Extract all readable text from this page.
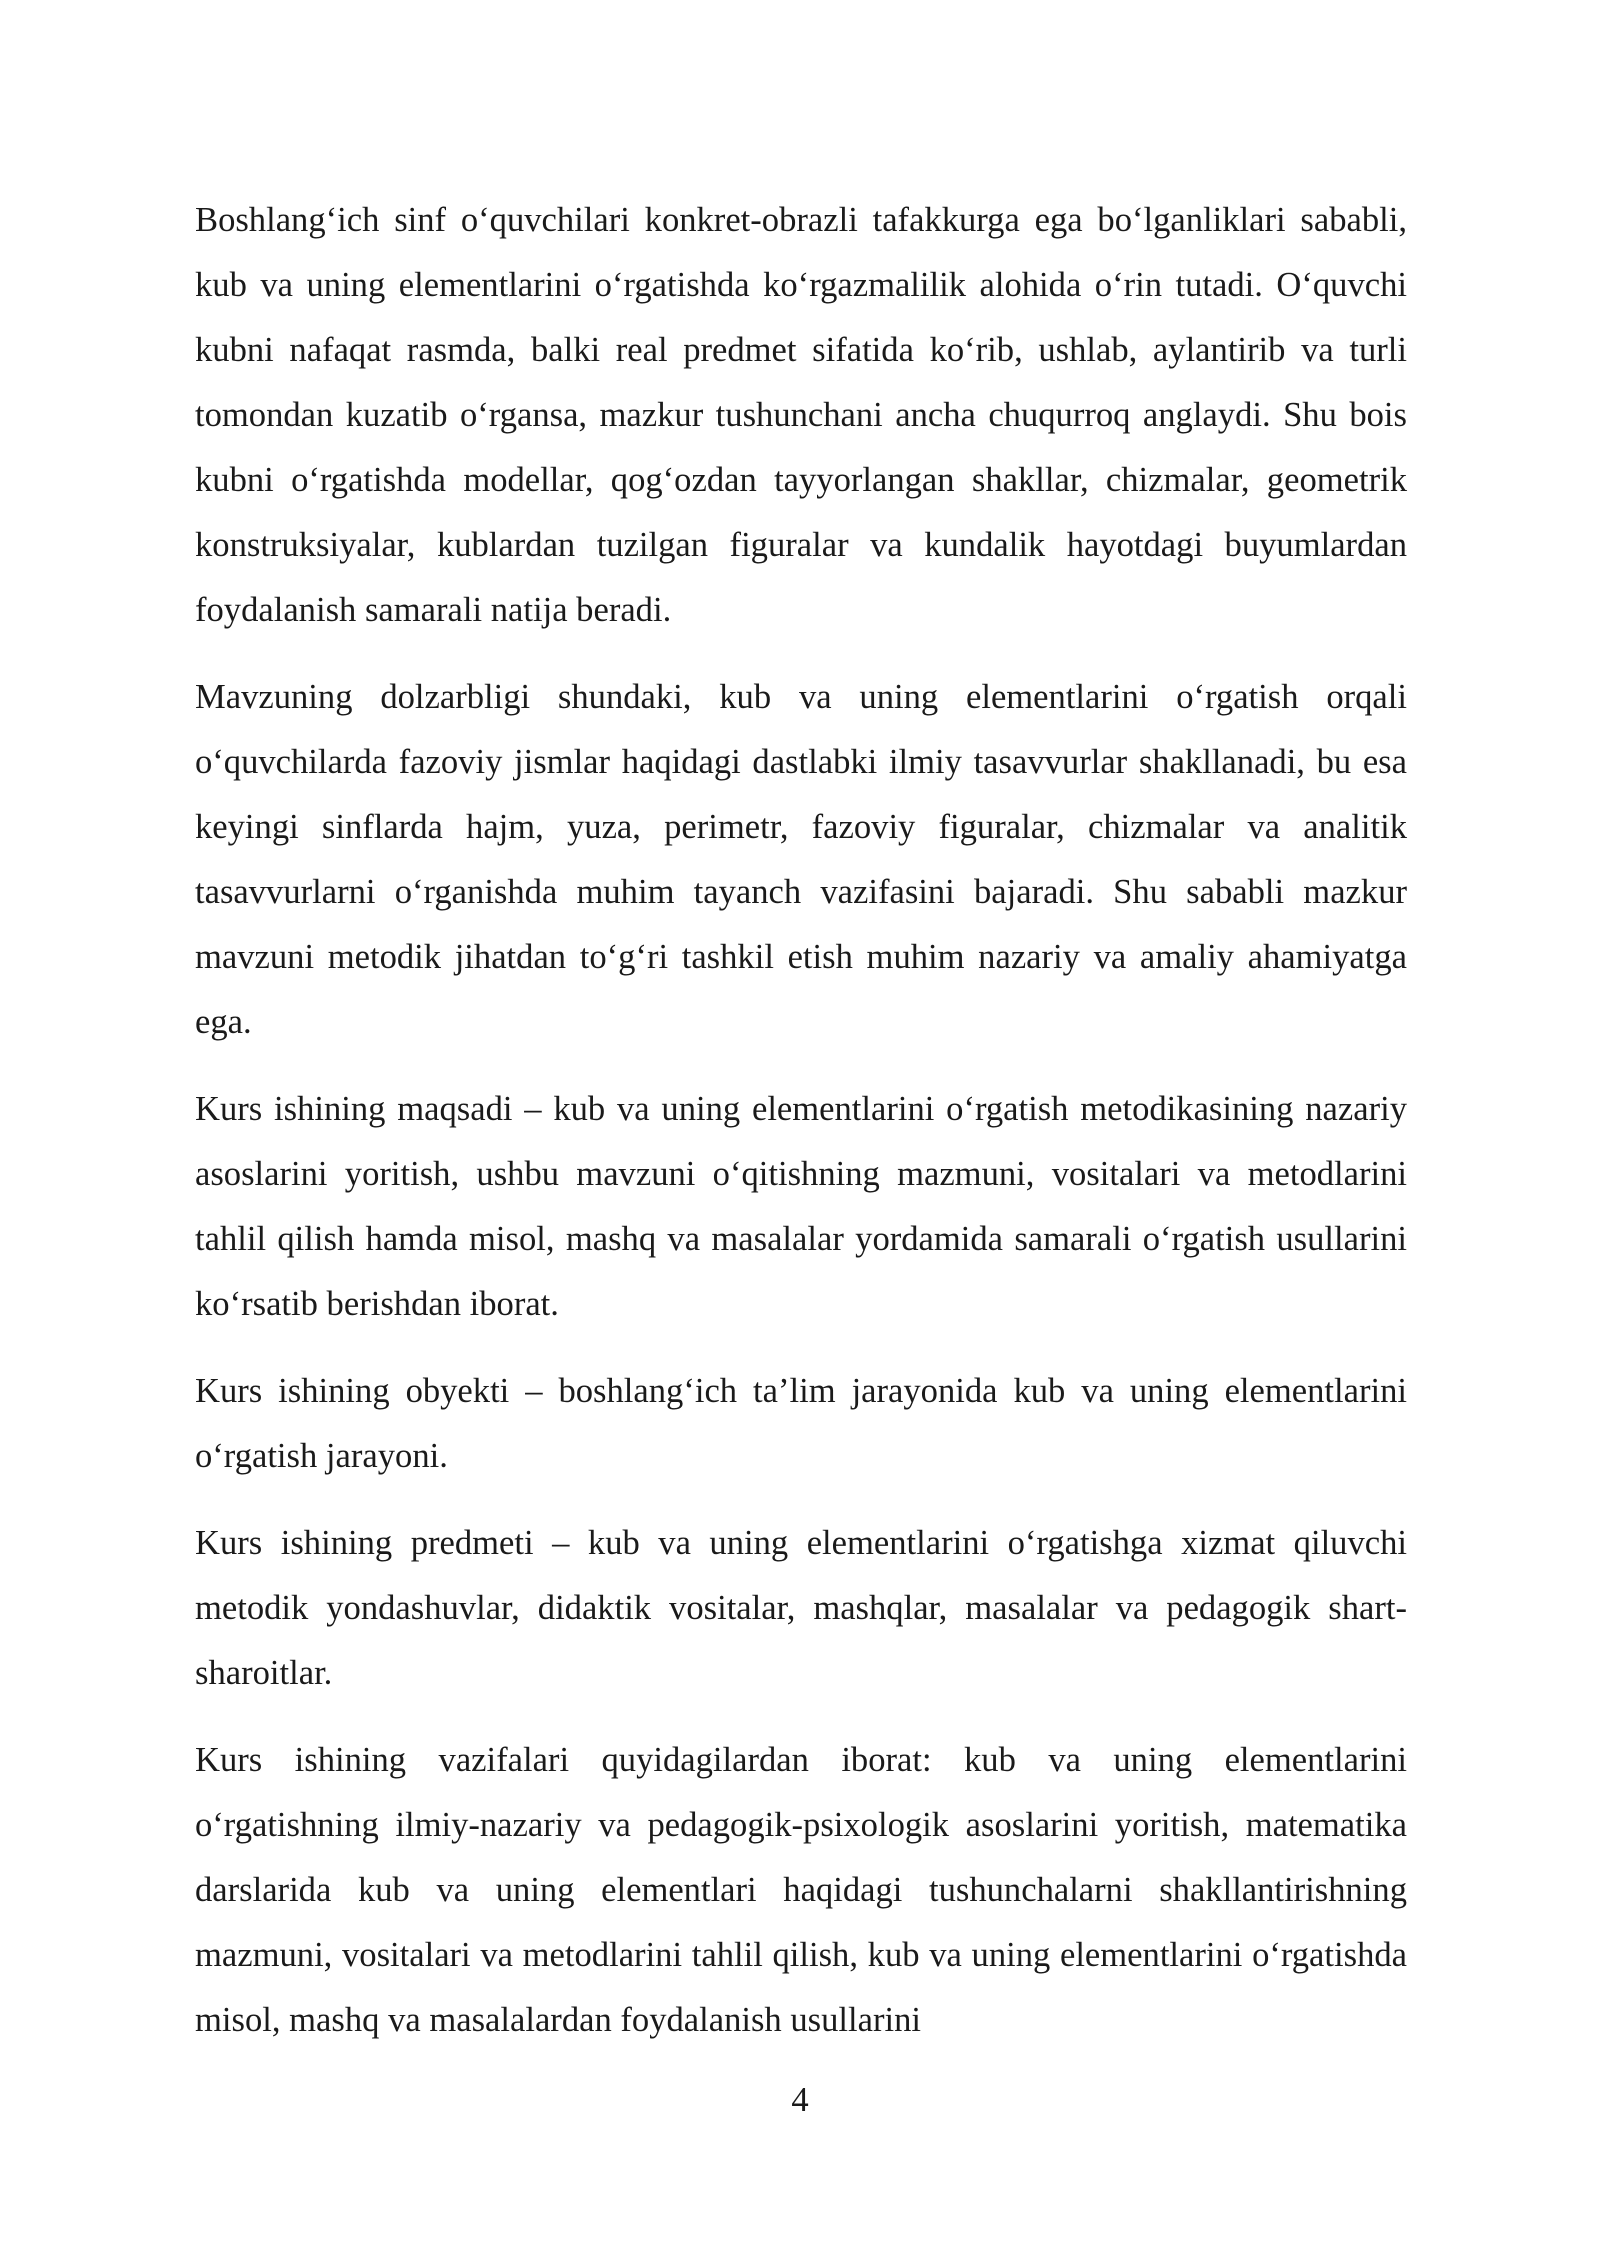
Boshlang‘ich sinf o‘quvchilari konkret-obrazli tafakkurga ega bo‘lganliklari sababli, kub va uning elementlarini o‘rgatishda ko‘rgazmalilik alohida o‘rin tutadi. O‘quvchi kubni nafaqat rasmda, balki real predmet sifatida ko‘rib, ushlab, aylantirib va turli tomondan kuzatib o‘rgansa, mazkur tushunchani ancha chuqurroq anglaydi. Shu bois kubni o‘rgatishda modellar, qog‘ozdan tayyorlangan shakllar, chizmalar, geometrik konstruksiyalar, kublardan tuzilgan figuralar va kundalik hayotdagi buyumlardan foydalanish samarali natija beradi.

Mavzuning dolzarbligi shundaki, kub va uning elementlarini o‘rgatish orqali o‘quvchilarda fazoviy jismlar haqidagi dastlabki ilmiy tasavvurlar shakllanadi, bu esa keyingi sinflarda hajm, yuza, perimetr, fazoviy figuralar, chizmalar va analitik tasavvurlarni o‘rganishda muhim tayanch vazifasini bajaradi. Shu sababli mazkur mavzuni metodik jihatdan to‘g‘ri tashkil etish muhim nazariy va amaliy ahamiyatga ega.

Kurs ishining maqsadi – kub va uning elementlarini o‘rgatish metodikasining nazariy asoslarini yoritish, ushbu mavzuni o‘qitishning mazmuni, vositalari va metodlarini tahlil qilish hamda misol, mashq va masalalar yordamida samarali o‘rgatish usullarini ko‘rsatib berishdan iborat.

Kurs ishining obyekti – boshlang‘ich ta’lim jarayonida kub va uning elementlarini o‘rgatish jarayoni.

Kurs ishining predmeti – kub va uning elementlarini o‘rgatishga xizmat qiluvchi metodik yondashuvlar, didaktik vositalar, mashqlar, masalalar va pedagogik shart-sharoitlar.

Kurs ishining vazifalari quyidagilardan iborat: kub va uning elementlarini o‘rgatishning ilmiy-nazariy va pedagogik-psixologik asoslarini yoritish, matematika darslarida kub va uning elementlari haqidagi tushunchalarni shakllantirishning mazmuni, vositalari va metodlarini tahlil qilish, kub va uning elementlarini o‘rgatishda misol, mashq va masalalardan foydalanish usullarini

4
